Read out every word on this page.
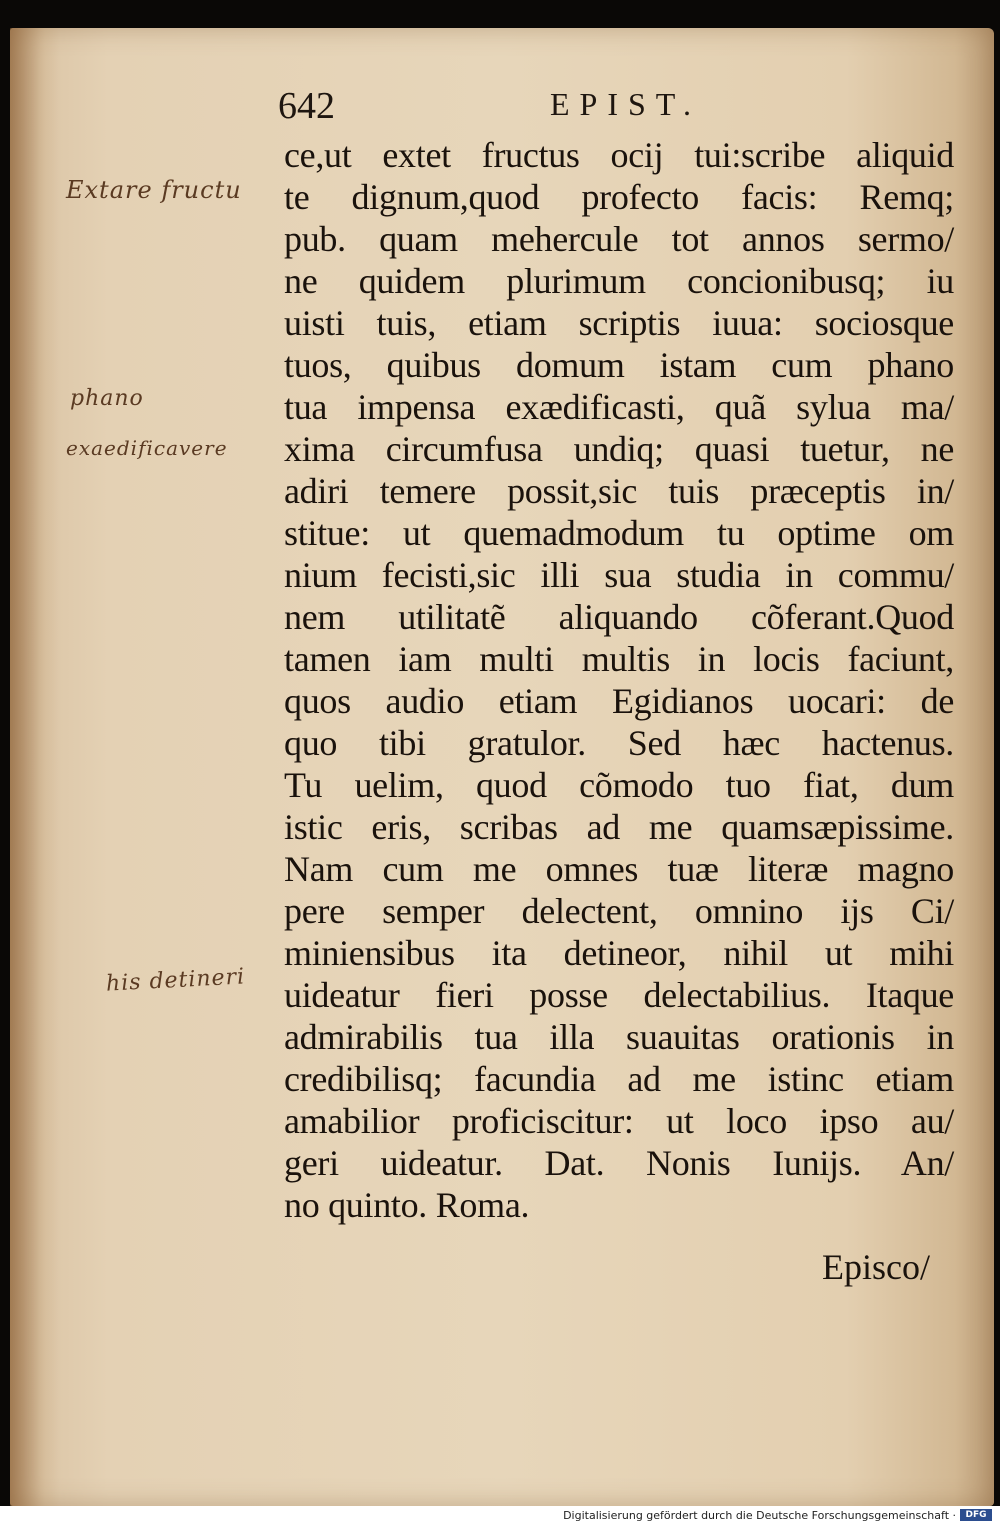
642	EPIST.
Extare fructu
phano
exaedificavere
his detineri
ce,ut extet fructus ocij tui:scribe aliquid
te dignum,quod profecto facis: Remq;
pub. quam mehercule tot annos sermo/
ne quidem plurimum concionibusq; iu
uisti tuis, etiam scriptis iuua: sociosque
tuos, quibus domum istam cum phano
tua impensa exædificasti, quã sylua ma/
xima circumfusa undiq; quasi tuetur, ne
adiri temere possit,sic tuis præceptis in/
stitue: ut quemadmodum tu optime om
nium fecisti,sic illi sua studia in commu/
nem utilitatẽ aliquando cõferant.Quod
tamen iam multi multis in locis faciunt,
quos audio etiam Egidianos uocari: de
quo tibi gratulor. Sed hæc hactenus.
Tu uelim, quod cõmodo tuo fiat, dum
istic eris, scribas ad me quamsæpissime.
Nam cum me omnes tuæ literæ magno
pere semper delectent, omnino ijs Ci/
miniensibus ita detineor, nihil ut mihi
uideatur fieri posse delectabilius. Itaque
admirabilis tua illa suauitas orationis in
credibilisq; facundia ad me istinc etiam
amabilior proficiscitur: ut loco ipso au/
geri uideatur. Dat. Nonis Iunijs. An/
no quinto. Roma.
Episco/
Digitalisierung gefördert durch die Deutsche Forschungsgemeinschaft ·	DFG
